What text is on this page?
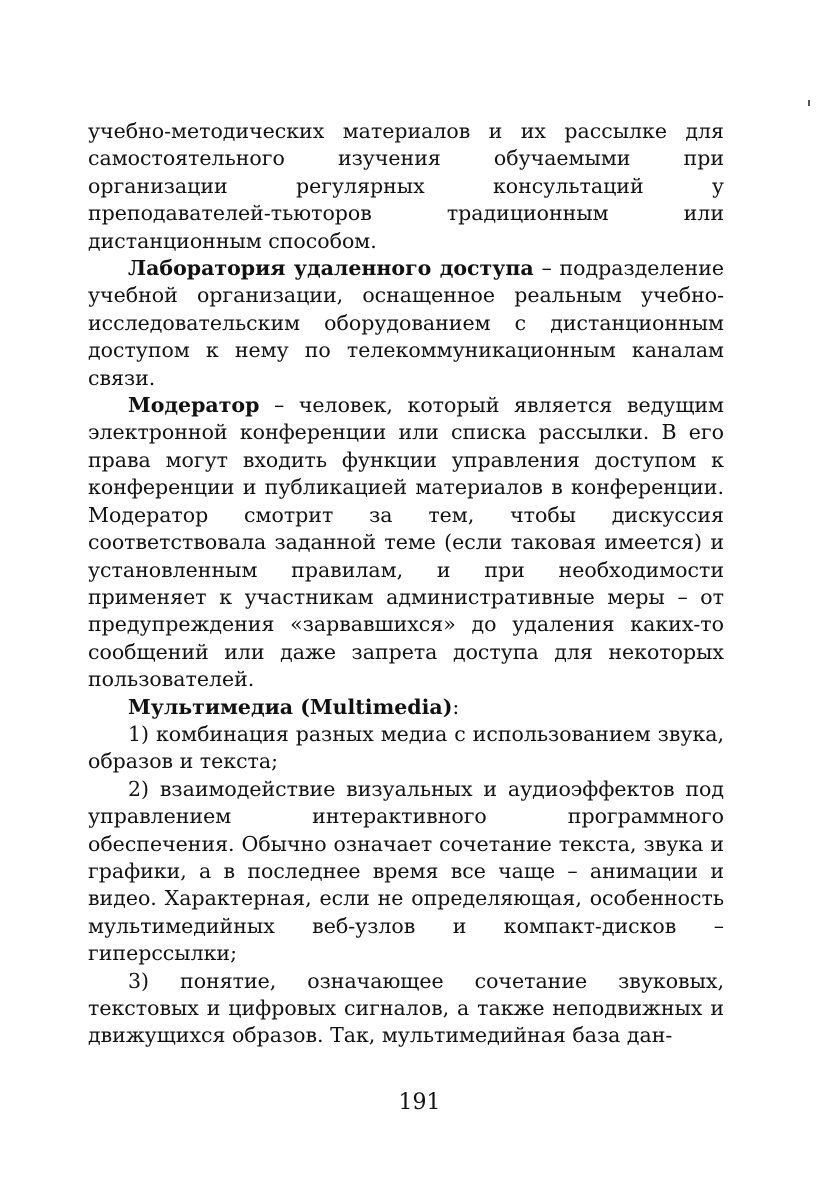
учебно-методических материалов и их рассылке для самостоятельного изучения обучаемыми при организации регулярных консультаций у преподавателей-тьюторов традиционным или дистанционным способом.

Лаборатория удаленного доступа – подразделение учебной организации, оснащенное реальным учебно-исследовательским оборудованием с дистанционным доступом к нему по телекоммуникационным каналам связи.

Модератор – человек, который является ведущим электронной конференции или списка рассылки. В его права могут входить функции управления доступом к конференции и публикацией материалов в конференции. Модератор смотрит за тем, чтобы дискуссия соответствовала заданной теме (если таковая имеется) и установленным правилам, и при необходимости применяет к участникам административные меры – от предупреждения «зарвавшихся» до удаления каких-то сообщений или даже запрета доступа для некоторых пользователей.

Мультимедиа (Multimedia):

1) комбинация разных медиа с использованием звука, образов и текста;

2) взаимодействие визуальных и аудиоэффектов под управлением интерактивного программного обеспечения. Обычно означает сочетание текста, звука и графики, а в последнее время все чаще – анимации и видео. Характерная, если не определяющая, особенность мультимедийных веб-узлов и компакт-дисков – гиперссылки;

3) понятие, означающее сочетание звуковых, текстовых и цифровых сигналов, а также неподвижных и движущихся образов. Так, мультимедийная база дан-

191
